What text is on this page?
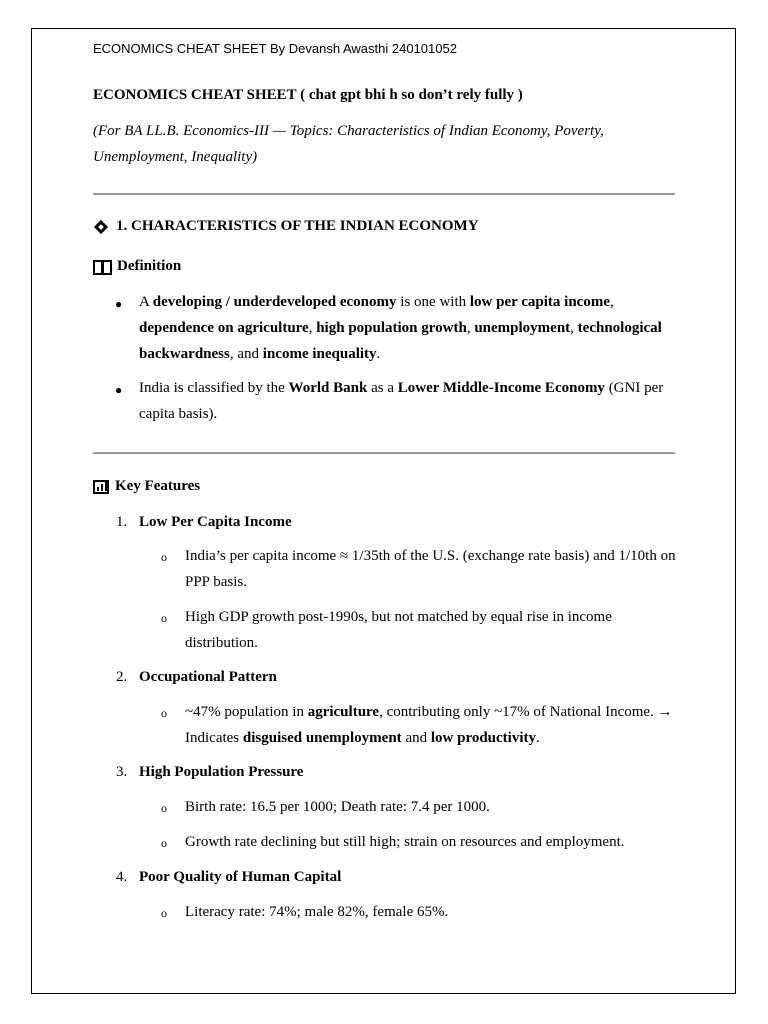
ECONOMICS CHEAT SHEET By Devansh Awasthi 240101052
ECONOMICS CHEAT SHEET ( chat gpt bhi h so don’t rely fully )
(For BA LL.B. Economics-III — Topics: Characteristics of Indian Economy, Poverty, Unemployment, Inequality)
1. CHARACTERISTICS OF THE INDIAN ECONOMY
Definition
● A developing / underdeveloped economy is one with low per capita income, dependence on agriculture, high population growth, unemployment, technological backwardness, and income inequality.
● India is classified by the World Bank as a Lower Middle-Income Economy (GNI per capita basis).
Key Features
1. Low Per Capita Income
o India’s per capita income ≈ 1/35th of the U.S. (exchange rate basis) and 1/10th on PPP basis.
o High GDP growth post-1990s, but not matched by equal rise in income distribution.
2. Occupational Pattern
o ~47% population in agriculture, contributing only ~17% of National Income. → Indicates disguised unemployment and low productivity.
3. High Population Pressure
o Birth rate: 16.5 per 1000; Death rate: 7.4 per 1000.
o Growth rate declining but still high; strain on resources and employment.
4. Poor Quality of Human Capital
o Literacy rate: 74%; male 82%, female 65%.
